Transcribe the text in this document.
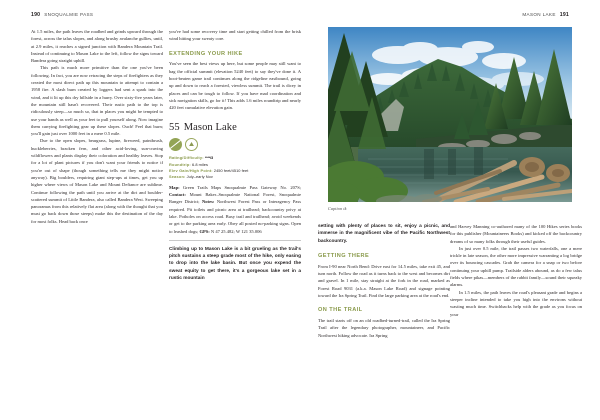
190 SNOQUALMIE PASS	MASON LAKE 191

At 1.5 miles, the path leaves the roadbed and grinds upward through the forest, across the talus slopes, and along brushy avalanche gullies, until, at 2.9 miles, it reaches a signed junction with Bandera Mountain Trail. Instead of continuing to Mason Lake to the left, follow the signs toward Bandera going straight uphill.

This path is much more primitive than the one you've been following. In fact, you are now retracing the steps of firefighters as they created the most direct path up this mountain to attempt to contain a 1958 fire. A slash burn created by loggers had sent a spark into the wind, and it lit up this dry hillside in a hurry. Over sixty-five years later, the mountain still hasn't recovered. Their rustic path to the top is ridiculously steep—so much so, that in places you might be tempted to use your hands as well as your feet to pull yourself along. Now imagine them carrying firefighting gear up these slopes. Ouch! Feel that burn; you'll gain just over 1000 feet in a mere 0.5 mile.

Due to the open slopes, beargrass, lupine, fireweed, paintbrush, huckleberries, bracken fern, and other acid-loving, sun-craving wildflowers and plants display their coloration and healthy leaves. Stop for a lot of plant pictures if you don't want your friends to notice if you're out of shape (though something tells me they might notice anyway). Big boulders, requiring giant step-ups at times, get you up higher where views of Mason Lake and Mount Defiance are sublime. Continue following the path until you arrive at the dirt and boulder-scattered summit of Little Bandera, also called Bandera West. Sweeping panoramas from this relatively flat area (along with the thought that you must go back down those steeps) make this the destination of the day for most folks. Head back once

you've had some recovery time and start getting chilled from the brisk wind hitting your sweaty core.

EXTENDING YOUR HIKE

You've seen the best views up here, but some people may still want to bag the official summit (elevation 5240 feet) to say they've done it. A boot-beaten game trail continues along the ridgeline eastbound, going up and down to reach a forested, viewless summit. The trail is dicey in places and can be tough to follow. If you have mad coordination and sick navigation skills, go for it! This adds 1.6 miles roundtrip and nearly 420 feet cumulative elevation gain.

55 Mason Lake
⛰
Rating/Difficulty: ****/3
Roundtrip: 6.8 miles
Elev Gain/High Point: 2450 feet/4510 feet
Season: July–early Nov
Map: Green Trails Maps Snoqualmie Pass Gateway No. 207S; Contact: Mount Baker–Snoqualmie National Forest, Snoqualmie Ranger District; Notes: Northwest Forest Pass or Interagency Pass required. Pit toilets and picnic area at trailhead; backcountry privy at lake. Potholes on access road. Busy trail and trailhead; avoid weekends or get to the parking area early. Obey all posted no-parking signs. Open to leashed dogs; GPS: N 47 25.482; W 121 35.006
Climbing up to Mason Lake is a bit grueling as the trail's pitch sustains a steep grade most of the hike, only easing to drop into the lake basin. But once you expend the sweat equity to get there, it's a gorgeous lake set in a rustic mountain
Caption tk
setting with plenty of places to sit, enjoy a picnic, and immerse in the magnificent vibe of the Pacific Northwest backcountry.
GETTING THERE

From I-90 near North Bend: Drive east for 14.5 miles, take exit 45, and turn north. Follow the road as it turns back to the west and becomes dirt and gravel. In 1 mile, stay straight at the fork in the road, marked as Forest Road 9031 (a.k.a. Mason Lake Road) and signage pointing toward the Ira Spring Trail. Find the large parking area at the road's end.

ON THE TRAIL

The trail starts off on an old roadbed-turned-trail, called the Ira Spring Trail after the legendary photographer, mountaineer, and Pacific Northwest hiking advocate. Ira Spring

and Harvey Manning co-authored many of the 100 Hikes series books for this publisher (Mountaineers Books) and kicked off the backcountry dreams of so many folks through their useful guides.

In just over 0.5 mile, the trail passes two waterfalls, one a mere trickle in late season, the other more impressive warranting a log bridge over its bouncing cascades. Grab the camera for a snap or two before continuing your uphill pump. Trailside alders abound, as do a few talus fields where pikas—members of the rabbit family—sound their squeaky alarms.

In 1.5 miles, the path leaves the road's pleasant grade and begins a steeper incline intended to take you high into the environs without wasting much time. Switchbacks help with the grade as you focus on your
